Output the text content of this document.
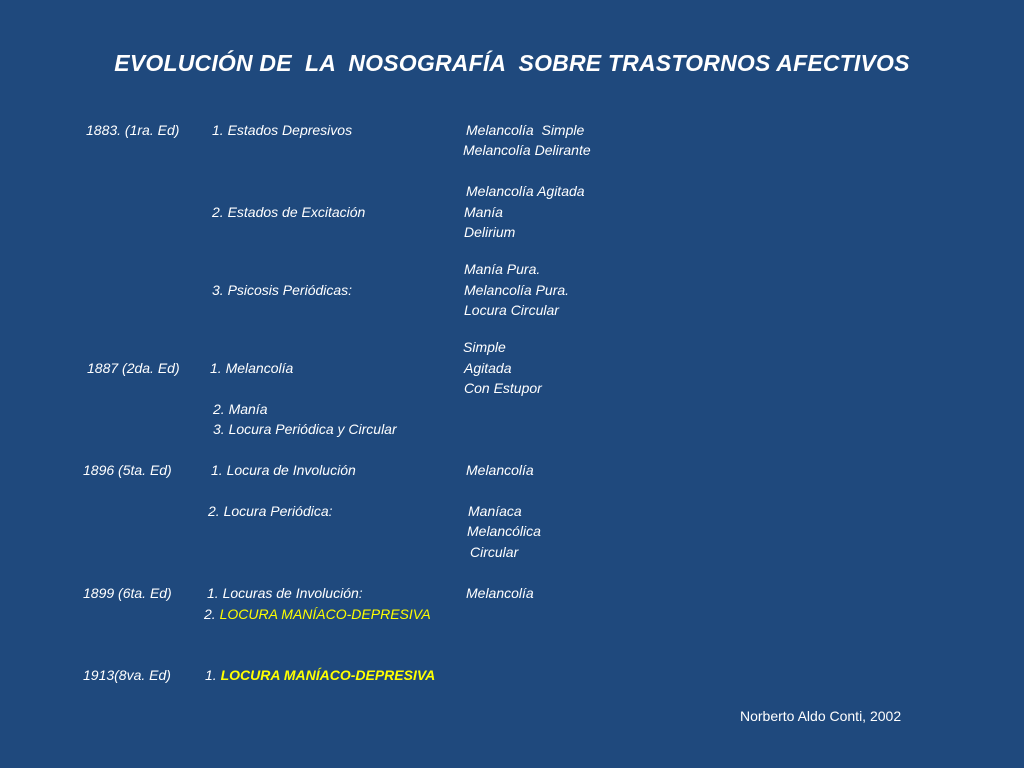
EVOLUCIÓN DE  LA  NOSOGRAFÍA  SOBRE TRASTORNOS AFECTIVOS
1883. (1ra. Ed) 1. Estados Depresivos	Melancolía  Simple
Melancolía Delirante
Melancolía Agitada
2. Estados de Excitación	Manía
Delirium
Manía Pura.
3. Psicosis Periódicas:	Melancolía Pura.
Locura Circular
Simple
1887 (2da. Ed) 1. Melancolía	Agitada
Con Estupor
2. Manía
3. Locura Periódica y Circular
1896 (5ta. Ed)	1. Locura de Involución	Melancolía
2. Locura Periódica:	Maníaca
Melancólica
Circular
1899 (6ta. Ed)	1. Locuras de Involución:	Melancolía
2. LOCURA MANÍACO-DEPRESIVA
1913(8va. Ed) 1. LOCURA MANÍACO-DEPRESIVA
Norberto Aldo Conti, 2002
